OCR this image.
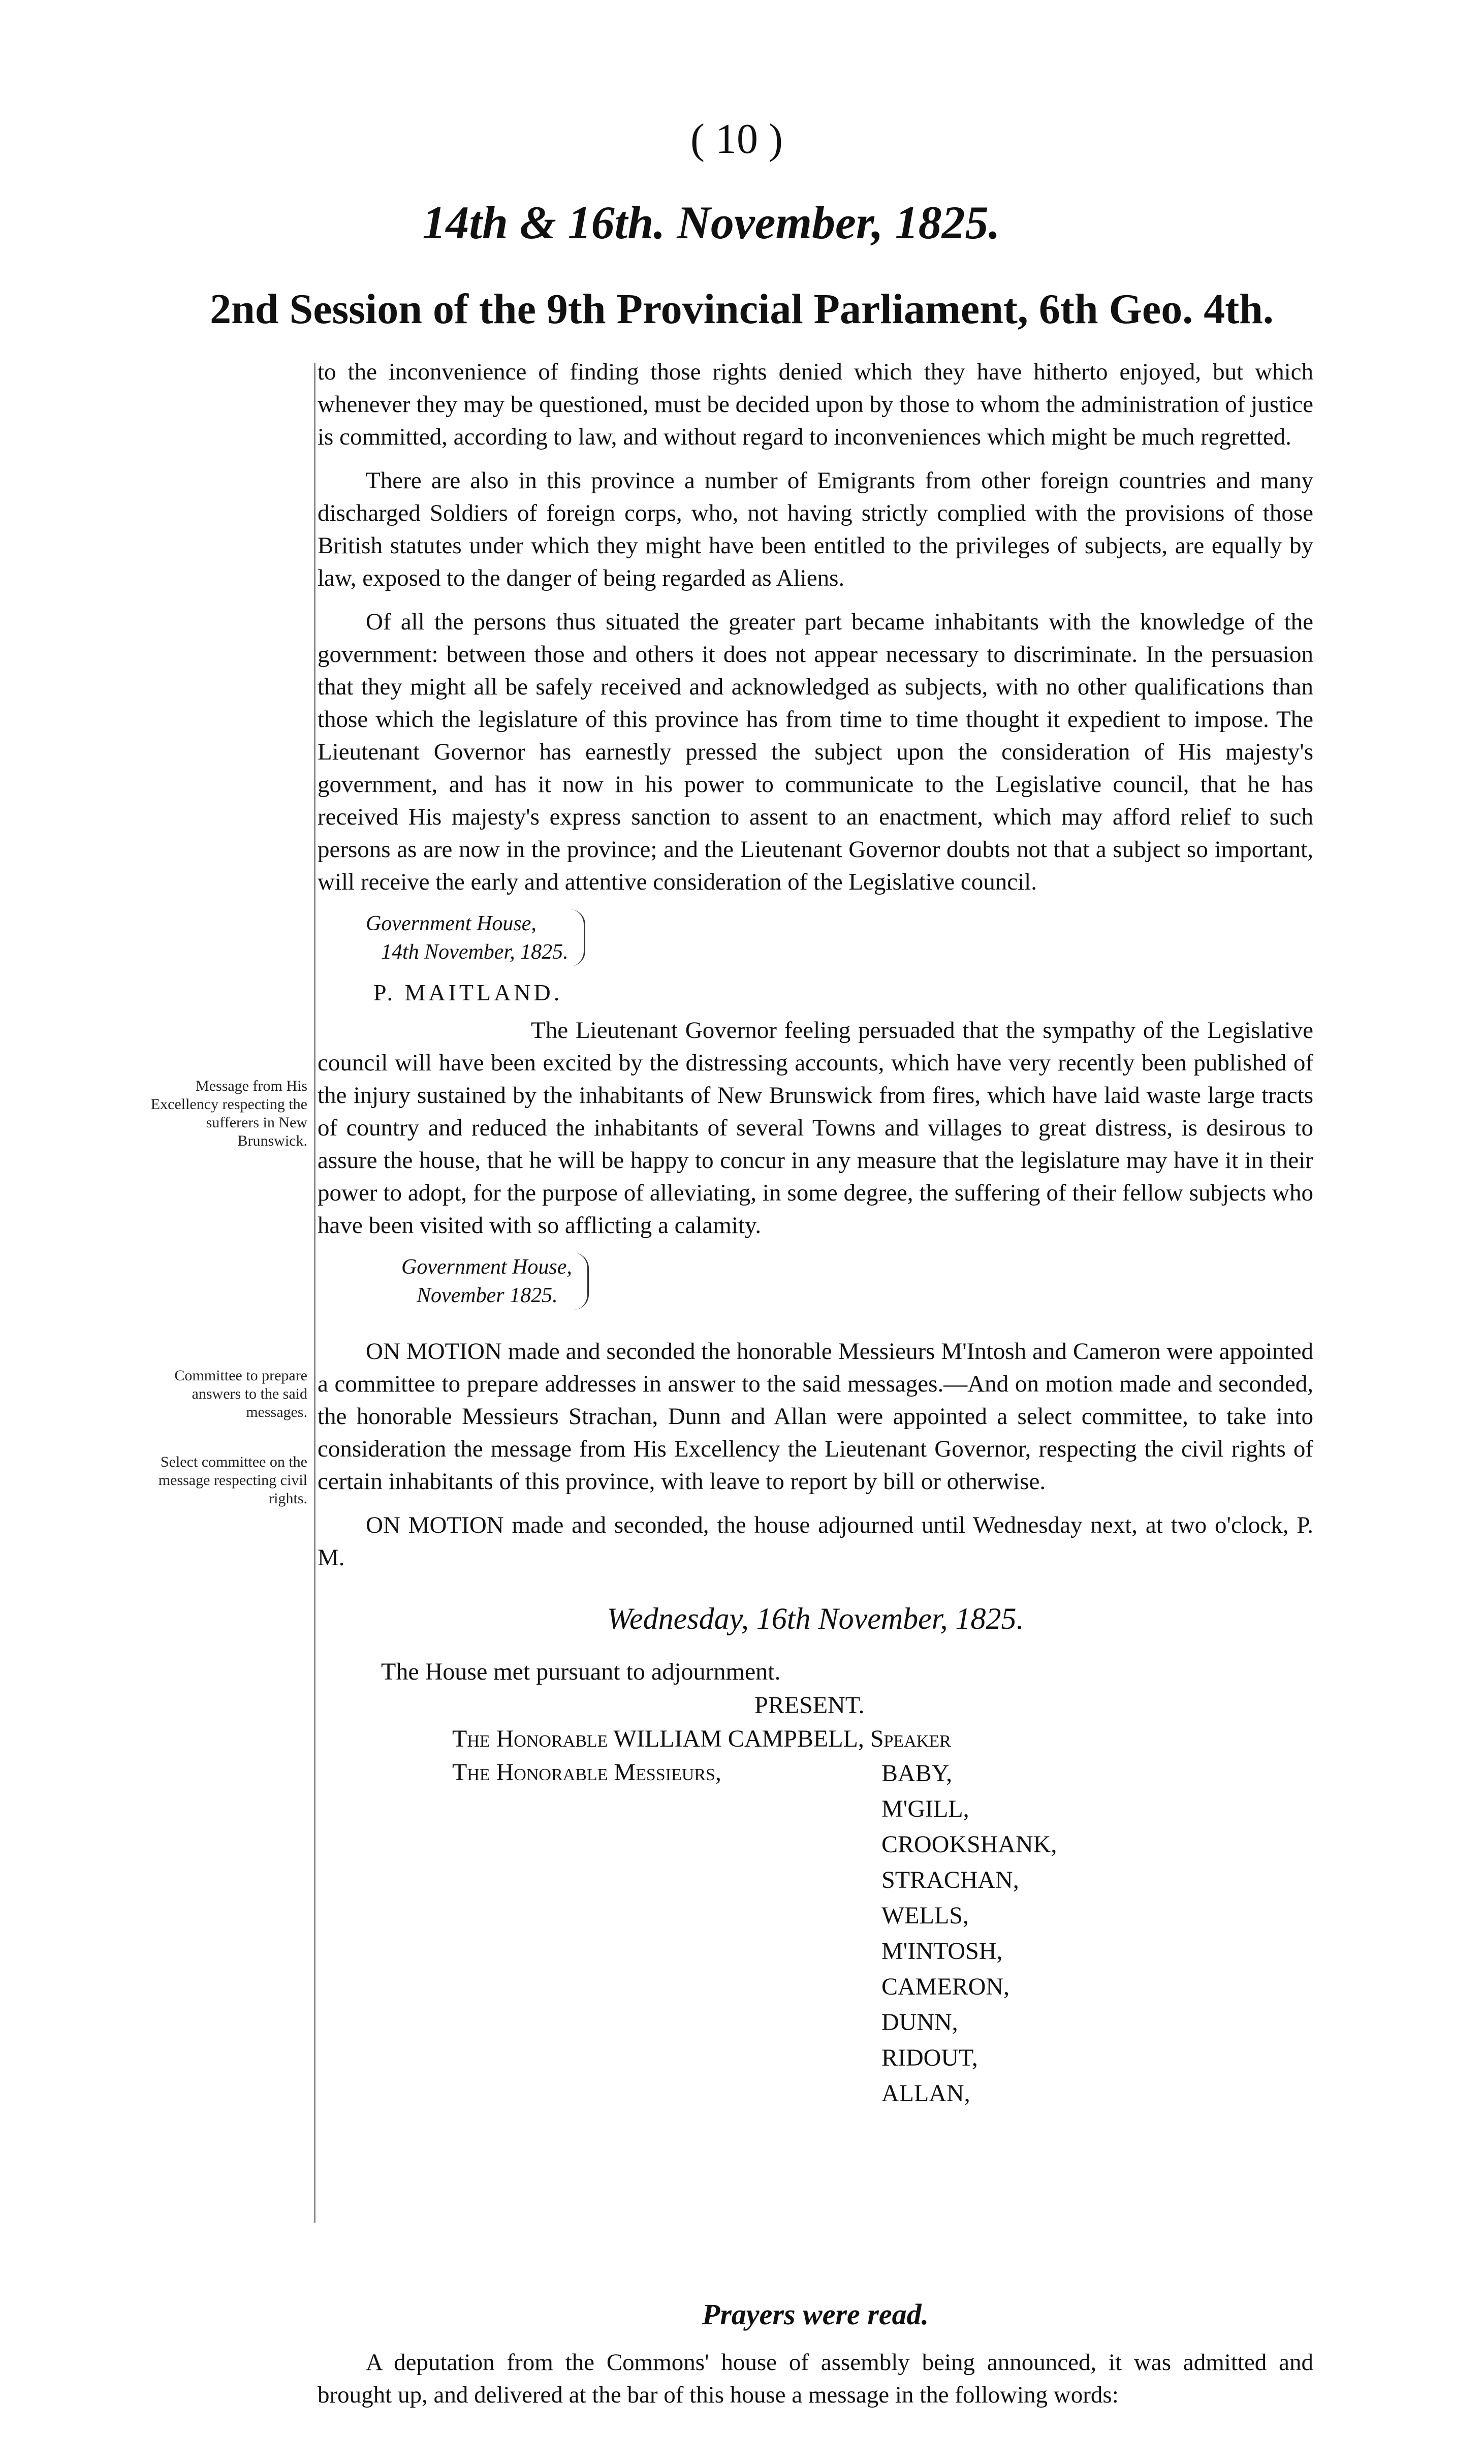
( 10 )
14th & 16th. November, 1825.
2nd Session of the 9th Provincial Parliament, 6th Geo. 4th.
Message from His Excellency respecting the sufferers in New Brunswick.
Committee to prepare answers to the said messages.
Select committee on the message respecting civil rights.

to the inconvenience of finding those rights denied which they have hitherto enjoyed, but which whenever they may be questioned, must be decided upon by those to whom the administration of justice is committed, according to law, and without regard to inconveniences which might be much regretted.

There are also in this province a number of Emigrants from other foreign countries and many discharged Soldiers of foreign corps, who, not having strictly complied with the provisions of those British statutes under which they might have been entitled to the privileges of subjects, are equally by law, exposed to the danger of being regarded as Aliens.

Of all the persons thus situated the greater part became inhabitants with the knowledge of the government: between those and others it does not appear necessary to discriminate. In the persuasion that they might all be safely received and acknowledged as subjects, with no other qualifications than those which the legislature of this province has from time to time thought it expedient to impose. The Lieutenant Governor has earnestly pressed the subject upon the consideration of His majesty's government, and has it now in his power to communicate to the Legislative council, that he has received His majesty's express sanction to assent to an enactment, which may afford relief to such persons as are now in the province; and the Lieutenant Governor doubts not that a subject so important, will receive the early and attentive consideration of the Legislative council.

Government House,
14th November, 1825.
P. MAITLAND.

The Lieutenant Governor feeling persuaded that the sympathy of the Legislative council will have been excited by the distressing accounts, which have very recently been published of the injury sustained by the inhabitants of New Brunswick from fires, which have laid waste large tracts of country and reduced the inhabitants of several Towns and villages to great distress, is desirous to assure the house, that he will be happy to concur in any measure that the legislature may have it in their power to adopt, for the purpose of alleviating, in some degree, the suffering of their fellow subjects who have been visited with so afflicting a calamity.

Government House,
November 1825.

ON MOTION made and seconded the honorable Messieurs M'Intosh and Cameron were appointed a committee to prepare addresses in answer to the said messages.—And on motion made and seconded, the honorable Messieurs Strachan, Dunn and Allan were appointed a select committee, to take into consideration the message from His Excellency the Lieutenant Governor, respecting the civil rights of certain inhabitants of this province, with leave to report by bill or otherwise.

ON MOTION made and seconded, the house adjourned until Wednesday next, at two o'clock, P. M.

Wednesday, 16th November, 1825.
The House met pursuant to adjournment.
PRESENT.
The Honorable WILLIAM CAMPBELL, Speaker
The Honorable Messieurs,	BABY,
M'GILL,
CROOKSHANK,
STRACHAN,
WELLS,
M'INTOSH,
CAMERON,
DUNN,
RIDOUT,
ALLAN,
Prayers were read.

A deputation from the Commons' house of assembly being announced, it was admitted and brought up, and delivered at the bar of this house a message in the following words:
